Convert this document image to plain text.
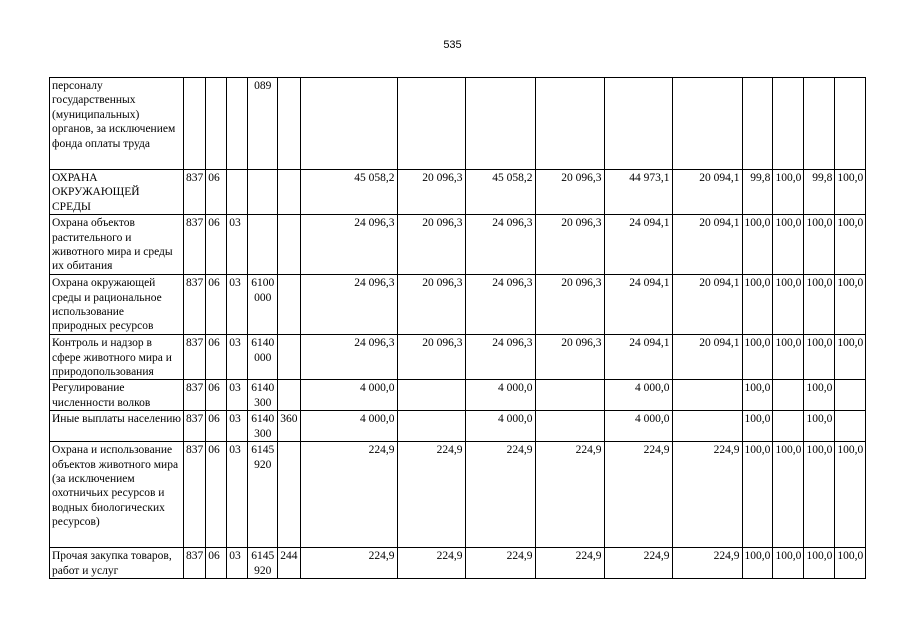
535
персоналу государственных (муниципальных) органов, за исключением фонда оплаты труда				089											
ОХРАНА ОКРУЖАЮЩЕЙ СРЕДЫ	837	06				45 058,2	20 096,3	45 058,2	20 096,3	44 973,1	20 094,1	99,8	100,0	99,8	100,0
Охрана объектов растительного и животного мира и среды их обитания	837	06	03			24 096,3	20 096,3	24 096,3	20 096,3	24 094,1	20 094,1	100,0	100,0	100,0	100,0
Охрана окружающей среды и рациональное использование природных ресурсов	837	06	03	6100 000		24 096,3	20 096,3	24 096,3	20 096,3	24 094,1	20 094,1	100,0	100,0	100,0	100,0
Контроль и надзор в сфере животного мира и природопользования	837	06	03	6140 000		24 096,3	20 096,3	24 096,3	20 096,3	24 094,1	20 094,1	100,0	100,0	100,0	100,0
Регулирование численности волков	837	06	03	6140 300		4 000,0		4 000,0		4 000,0		100,0		100,0	
Иные выплаты населению	837	06	03	6140 300	360	4 000,0		4 000,0		4 000,0		100,0		100,0	
Охрана и использование объектов животного мира (за исключением охотничьих ресурсов и водных биологических ресурсов)	837	06	03	6145 920		224,9	224,9	224,9	224,9	224,9	224,9	100,0	100,0	100,0	100,0
Прочая закупка товаров, работ и услуг	837	06	03	6145 920	244	224,9	224,9	224,9	224,9	224,9	224,9	100,0	100,0	100,0	100,0
